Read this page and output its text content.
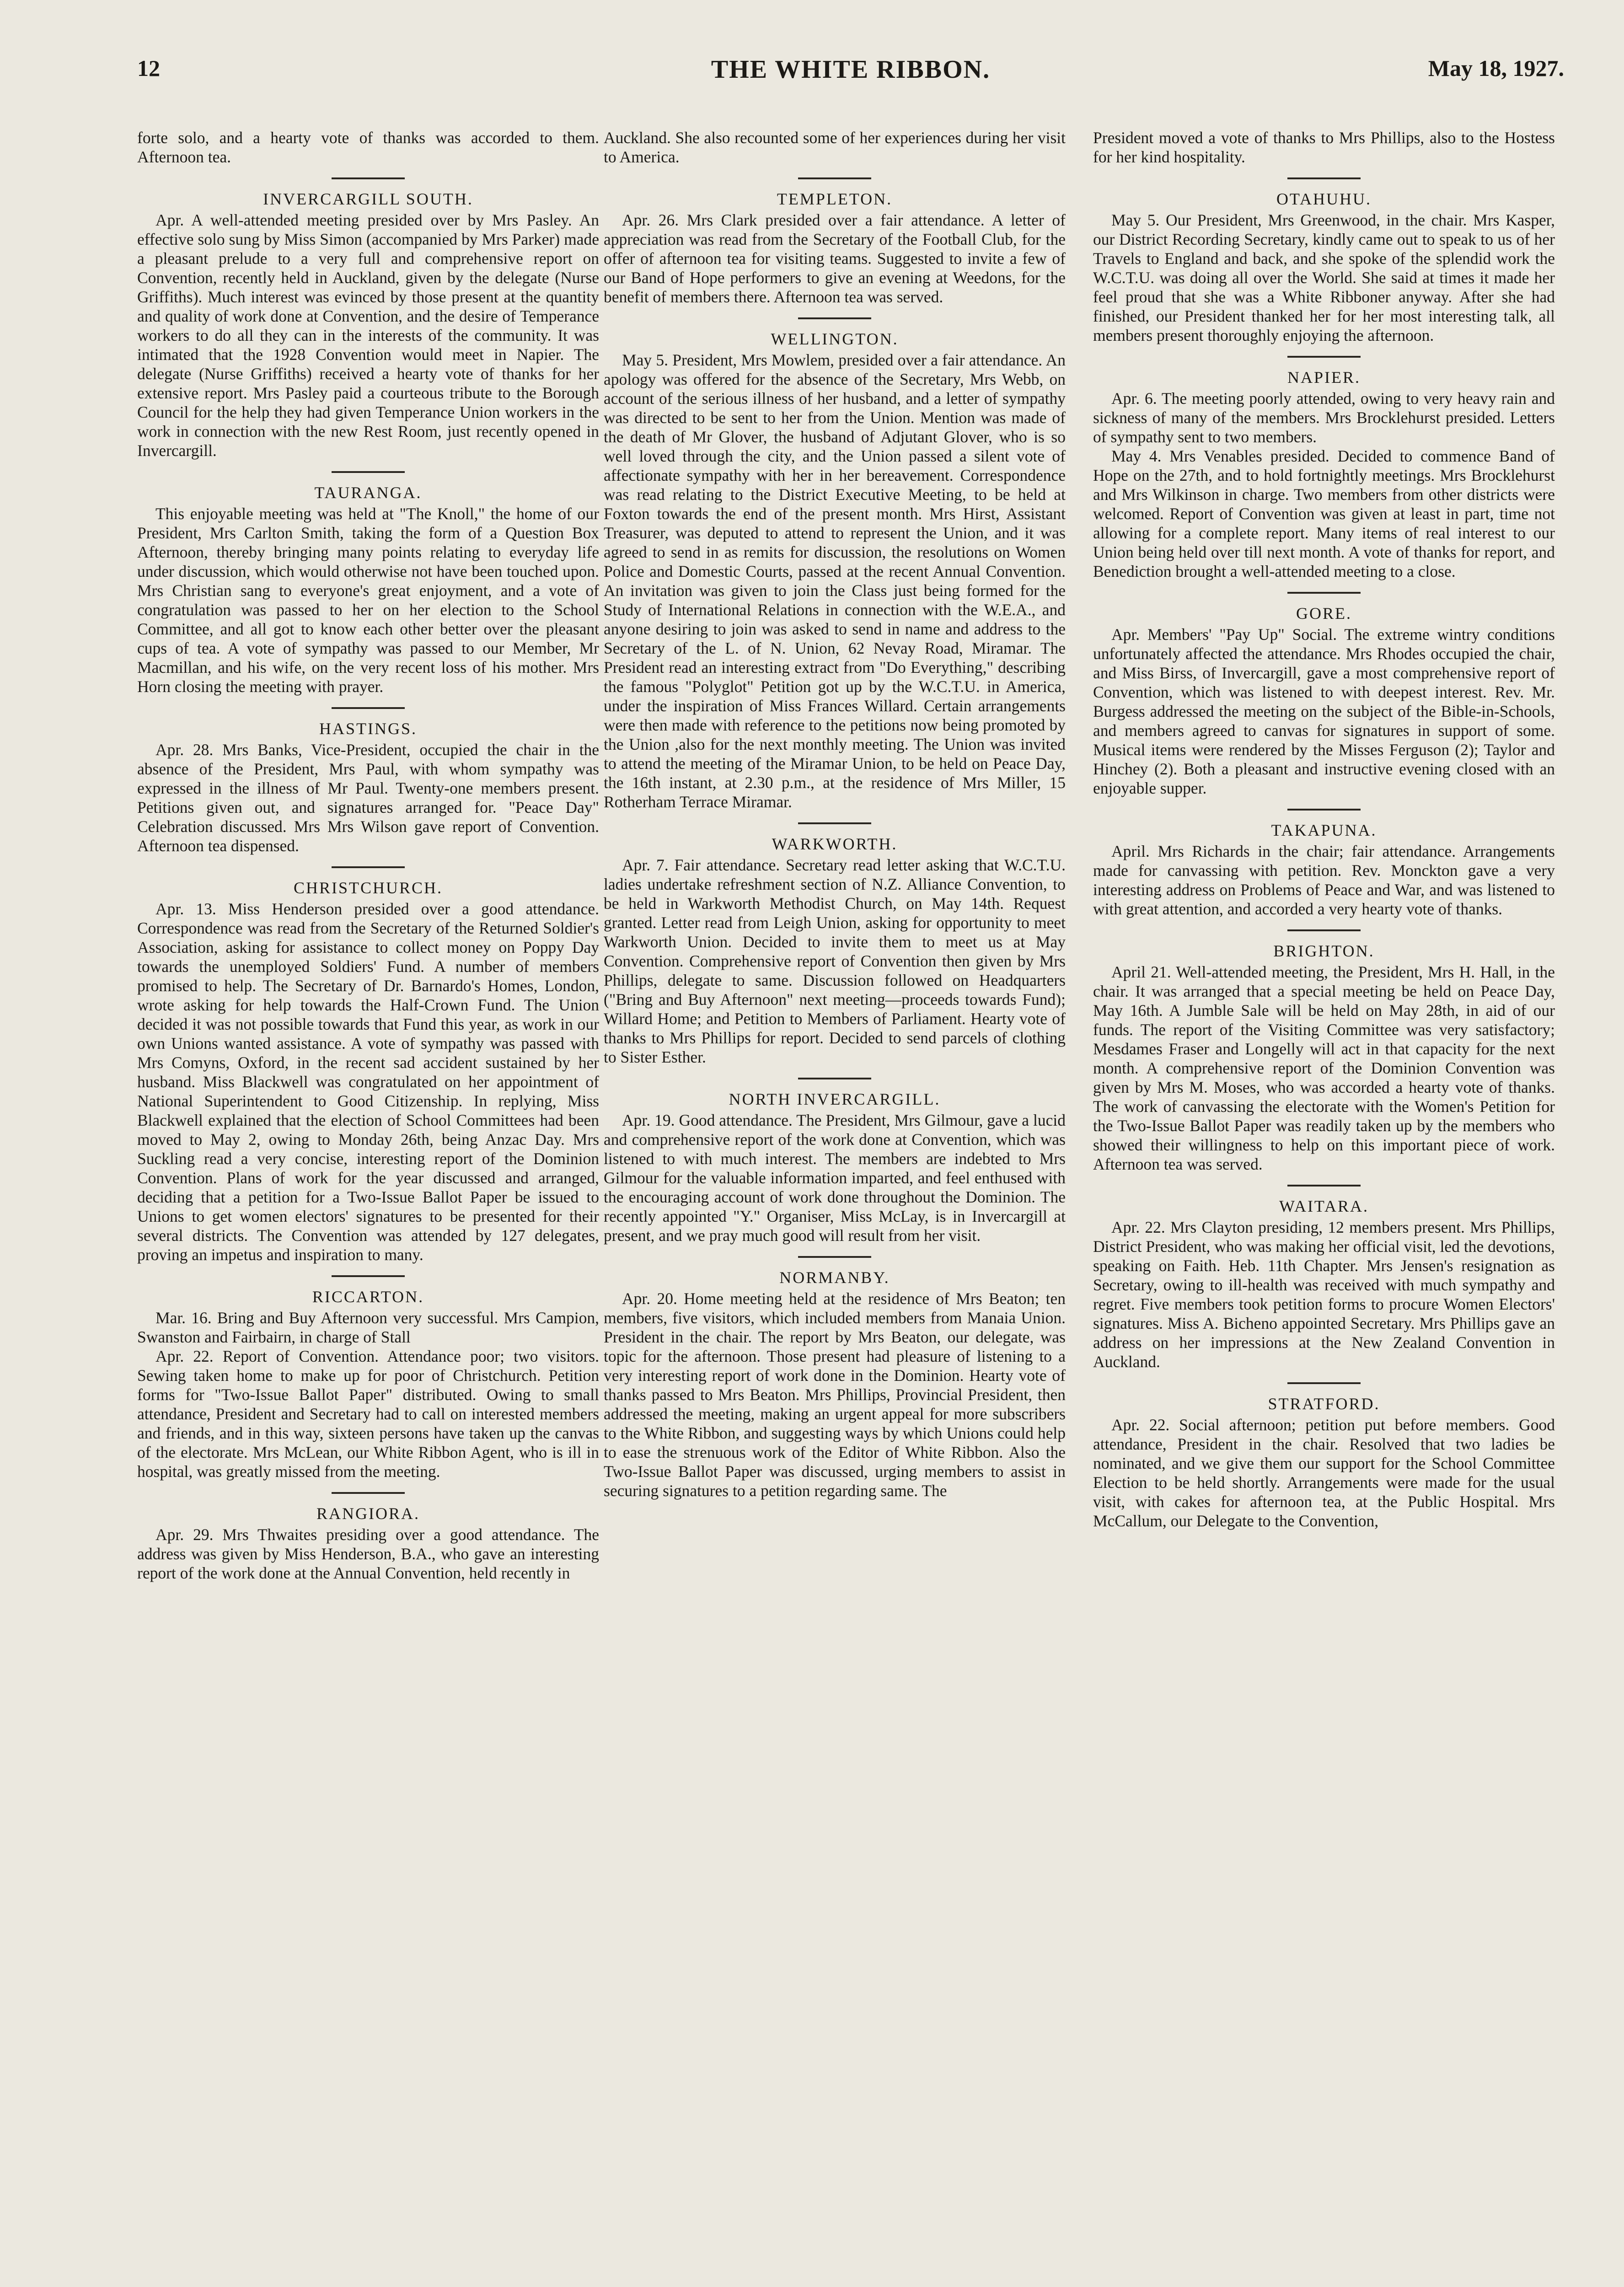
12	THE WHITE RIBBON.	May 18, 1927.

forte solo, and a hearty vote of thanks was accorded to them. Afternoon tea.

INVERCARGILL SOUTH.

Apr. A well-attended meeting presided over by Mrs Pasley. An effective solo sung by Miss Simon (accompanied by Mrs Parker) made a pleasant prelude to a very full and comprehensive report on Convention, recently held in Auckland, given by the delegate (Nurse Griffiths). Much interest was evinced by those present at the quantity and quality of work done at Convention, and the desire of Temperance workers to do all they can in the interests of the community. It was intimated that the 1928 Convention would meet in Napier. The delegate (Nurse Griffiths) received a hearty vote of thanks for her extensive report. Mrs Pasley paid a courteous tribute to the Borough Council for the help they had given Temperance Union workers in the work in connection with the new Rest Room, just recently opened in Invercargill.

TAURANGA.

This enjoyable meeting was held at "The Knoll," the home of our President, Mrs Carlton Smith, taking the form of a Question Box Afternoon, thereby bringing many points relating to everyday life under discussion, which would otherwise not have been touched upon. Mrs Christian sang to everyone's great enjoyment, and a vote of congratulation was passed to her on her election to the School Committee, and all got to know each other better over the pleasant cups of tea. A vote of sympathy was passed to our Member, Mr Macmillan, and his wife, on the very recent loss of his mother. Mrs Horn closing the meeting with prayer.

HASTINGS.

Apr. 28. Mrs Banks, Vice-President, occupied the chair in the absence of the President, Mrs Paul, with whom sympathy was expressed in the illness of Mr Paul. Twenty-one members present. Petitions given out, and signatures arranged for. "Peace Day" Celebration discussed. Mrs Mrs Wilson gave report of Convention. Afternoon tea dispensed.

CHRISTCHURCH.

Apr. 13. Miss Henderson presided over a good attendance. Correspondence was read from the Secretary of the Returned Soldier's Association, asking for assistance to collect money on Poppy Day towards the unemployed Soldiers' Fund. A number of members promised to help. The Secretary of Dr. Barnardo's Homes, London, wrote asking for help towards the Half-Crown Fund. The Union decided it was not possible towards that Fund this year, as work in our own Unions wanted assistance. A vote of sympathy was passed with Mrs Comyns, Oxford, in the recent sad accident sustained by her husband. Miss Blackwell was congratulated on her appointment of National Superintendent to Good Citizenship. In replying, Miss Blackwell explained that the election of School Committees had been moved to May 2, owing to Monday 26th, being Anzac Day. Mrs Suckling read a very concise, interesting report of the Dominion Convention. Plans of work for the year discussed and arranged, deciding that a petition for a Two-Issue Ballot Paper be issued to Unions to get women electors' signatures to be presented for their several districts. The Convention was attended by 127 delegates, proving an impetus and inspiration to many.

RICCARTON.

Mar. 16. Bring and Buy Afternoon very successful. Mrs Campion, Swanston and Fairbairn, in charge of Stall

Apr. 22. Report of Convention. Attendance poor; two visitors. Sewing taken home to make up for poor of Christchurch. Petition forms for "Two-Issue Ballot Paper" distributed. Owing to small attendance, President and Secretary had to call on interested members and friends, and in this way, sixteen persons have taken up the canvas of the electorate. Mrs McLean, our White Ribbon Agent, who is ill in hospital, was greatly missed from the meeting.

RANGIORA.

Apr. 29. Mrs Thwaites presiding over a good attendance. The address was given by Miss Henderson, B.A., who gave an interesting report of the work done at the Annual Convention, held recently in

Auckland. She also recounted some of her experiences during her visit to America.

TEMPLETON.

Apr. 26. Mrs Clark presided over a fair attendance. A letter of appreciation was read from the Secretary of the Football Club, for the offer of afternoon tea for visiting teams. Suggested to invite a few of our Band of Hope performers to give an evening at Weedons, for the benefit of members there. Afternoon tea was served.

WELLINGTON.

May 5. President, Mrs Mowlem, presided over a fair attendance. An apology was offered for the absence of the Secretary, Mrs Webb, on account of the serious illness of her husband, and a letter of sympathy was directed to be sent to her from the Union. Mention was made of the death of Mr Glover, the husband of Adjutant Glover, who is so well loved through the city, and the Union passed a silent vote of affectionate sympathy with her in her bereavement. Correspondence was read relating to the District Executive Meeting, to be held at Foxton towards the end of the present month. Mrs Hirst, Assistant Treasurer, was deputed to attend to represent the Union, and it was agreed to send in as remits for discussion, the resolutions on Women Police and Domestic Courts, passed at the recent Annual Convention. An invitation was given to join the Class just being formed for the Study of International Relations in connection with the W.E.A., and anyone desiring to join was asked to send in name and address to the Secretary of the L. of N. Union, 62 Nevay Road, Miramar. The President read an interesting extract from "Do Everything," describing the famous "Polyglot" Petition got up by the W.C.T.U. in America, under the inspiration of Miss Frances Willard. Certain arrangements were then made with reference to the petitions now being promoted by the Union ,also for the next monthly meeting. The Union was invited to attend the meeting of the Miramar Union, to be held on Peace Day, the 16th instant, at 2.30 p.m., at the residence of Mrs Miller, 15 Rotherham Terrace Miramar.

WARKWORTH.

Apr. 7. Fair attendance. Secretary read letter asking that W.C.T.U. ladies undertake refreshment section of N.Z. Alliance Convention, to be held in Warkworth Methodist Church, on May 14th. Request granted. Letter read from Leigh Union, asking for opportunity to meet Warkworth Union. Decided to invite them to meet us at May Convention. Comprehensive report of Convention then given by Mrs Phillips, delegate to same. Discussion followed on Headquarters ("Bring and Buy Afternoon" next meeting—proceeds towards Fund); Willard Home; and Petition to Members of Parliament. Hearty vote of thanks to Mrs Phillips for report. Decided to send parcels of clothing to Sister Esther.

NORTH INVERCARGILL.

Apr. 19. Good attendance. The President, Mrs Gilmour, gave a lucid and comprehensive report of the work done at Convention, which was listened to with much interest. The members are indebted to Mrs Gilmour for the valuable information imparted, and feel enthused with the encouraging account of work done throughout the Dominion. The recently appointed "Y." Organiser, Miss McLay, is in Invercargill at present, and we pray much good will result from her visit.

NORMANBY.

Apr. 20. Home meeting held at the residence of Mrs Beaton; ten members, five visitors, which included members from Manaia Union. President in the chair. The report by Mrs Beaton, our delegate, was topic for the afternoon. Those present had pleasure of listening to a very interesting report of work done in the Dominion. Hearty vote of thanks passed to Mrs Beaton. Mrs Phillips, Provincial President, then addressed the meeting, making an urgent appeal for more subscribers to the White Ribbon, and suggesting ways by which Unions could help to ease the strenuous work of the Editor of White Ribbon. Also the Two-Issue Ballot Paper was discussed, urging members to assist in securing signatures to a petition regarding same. The

President moved a vote of thanks to Mrs Phillips, also to the Hostess for her kind hospitality.

OTAHUHU.

May 5. Our President, Mrs Greenwood, in the chair. Mrs Kasper, our District Recording Secretary, kindly came out to speak to us of her Travels to England and back, and she spoke of the splendid work the W.C.T.U. was doing all over the World. She said at times it made her feel proud that she was a White Ribboner anyway. After she had finished, our President thanked her for her most interesting talk, all members present thoroughly enjoying the afternoon.

NAPIER.

Apr. 6. The meeting poorly attended, owing to very heavy rain and sickness of many of the members. Mrs Brocklehurst presided. Letters of sympathy sent to two members.

May 4. Mrs Venables presided. Decided to commence Band of Hope on the 27th, and to hold fortnightly meetings. Mrs Brocklehurst and Mrs Wilkinson in charge. Two members from other districts were welcomed. Report of Convention was given at least in part, time not allowing for a complete report. Many items of real interest to our Union being held over till next month. A vote of thanks for report, and Benediction brought a well-attended meeting to a close.

GORE.

Apr. Members' "Pay Up" Social. The extreme wintry conditions unfortunately affected the attendance. Mrs Rhodes occupied the chair, and Miss Birss, of Invercargill, gave a most comprehensive report of Convention, which was listened to with deepest interest. Rev. Mr. Burgess addressed the meeting on the subject of the Bible-in-Schools, and members agreed to canvas for signatures in support of some. Musical items were rendered by the Misses Ferguson (2); Taylor and Hinchey (2). Both a pleasant and instructive evening closed with an enjoyable supper.

TAKAPUNA.

April. Mrs Richards in the chair; fair attendance. Arrangements made for canvassing with petition. Rev. Monckton gave a very interesting address on Problems of Peace and War, and was listened to with great attention, and accorded a very hearty vote of thanks.

BRIGHTON.

April 21. Well-attended meeting, the President, Mrs H. Hall, in the chair. It was arranged that a special meeting be held on Peace Day, May 16th. A Jumble Sale will be held on May 28th, in aid of our funds. The report of the Visiting Committee was very satisfactory; Mesdames Fraser and Longelly will act in that capacity for the next month. A comprehensive report of the Dominion Convention was given by Mrs M. Moses, who was accorded a hearty vote of thanks. The work of canvassing the electorate with the Women's Petition for the Two-Issue Ballot Paper was readily taken up by the members who showed their willingness to help on this important piece of work. Afternoon tea was served.

WAITARA.

Apr. 22. Mrs Clayton presiding, 12 members present. Mrs Phillips, District President, who was making her official visit, led the devotions, speaking on Faith. Heb. 11th Chapter. Mrs Jensen's resignation as Secretary, owing to ill-health was received with much sympathy and regret. Five members took petition forms to procure Women Electors' signatures. Miss A. Bicheno appointed Secretary. Mrs Phillips gave an address on her impressions at the New Zealand Convention in Auckland.

STRATFORD.

Apr. 22. Social afternoon; petition put before members. Good attendance, President in the chair. Resolved that two ladies be nominated, and we give them our support for the School Committee Election to be held shortly. Arrangements were made for the usual visit, with cakes for afternoon tea, at the Public Hospital. Mrs McCallum, our Delegate to the Convention,
